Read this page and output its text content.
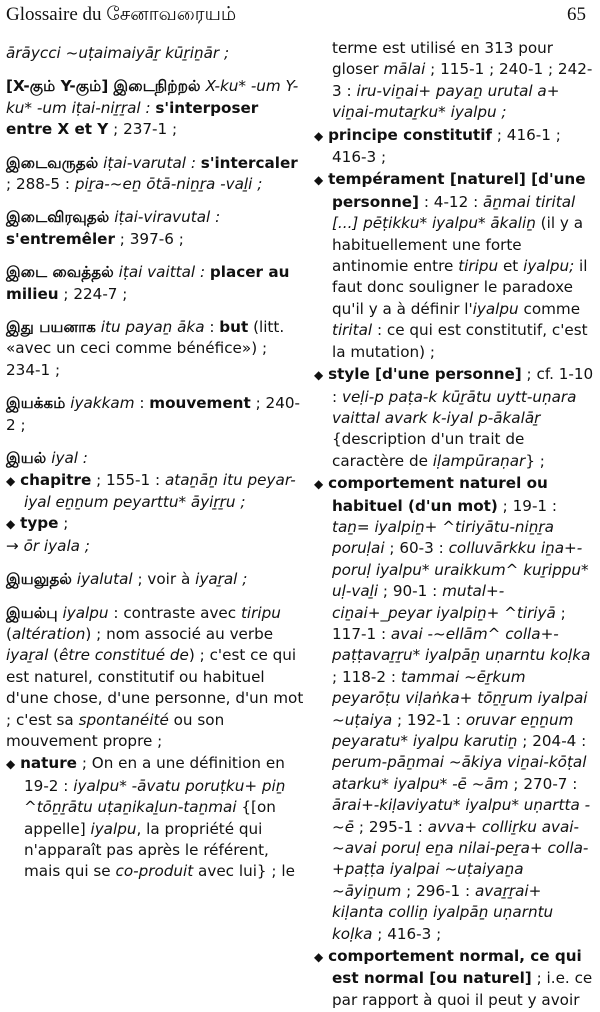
Glossaire du சேனாவரையம்	65
ārāycci ~uṭaimaiyāṟ kūṟiṉār ;
[X-கும் Y-கும்] இடைநிற்றல் X-ku* -um Y-ku* -um iṭai-niṟṟal : s'interposer entre X et Y ; 237-1 ;
இடைவருதல் iṭai-varutal : s'intercaler ; 288-5 : piṟa-~eṉ ōtā-niṉṟa -vaḻi ;
இடைவிரவுதல் iṭai-viravutal : s'entremêler ; 397-6 ;
இடை வைத்தல் iṭai vaittal : placer au milieu ; 224-7 ;
இது பயனாக itu payaṉ āka : but (litt. «avec un ceci comme bénéfice») ; 234-1 ;
இயக்கம் iyakkam : mouvement ; 240-2 ;
இயல் iyal :
◆ chapitre ; 155-1 : ataṉāṉ itu peyar-iyal eṉṉum peyarttu* āyiṟṟu ;
◆ type ;
→ ōr iyala ;
இயலுதல் iyalutal ; voir à iyaṟal ;
இயல்பு iyalpu : contraste avec tiripu (altération) ; nom associé au verbe iyaṟal (être constitué de) ; c'est ce qui est naturel, constitutif ou habituel d'une chose, d'une personne, d'un mot ; c'est sa spontanéité ou son mouvement propre ;
◆ nature ; On en a une définition en 19-2 : iyalpu* -āvatu poruṭku+ piṉ ^tōṉṟātu uṭaṉikaḻun-taṉmai {[on appelle] iyalpu, la propriété qui n'apparaît pas après le référent, mais qui se co-produit avec lui} ; le
terme est utilisé en 313 pour gloser mālai ; 115-1 ; 240-1 ; 242-3 : iru-viṉai+ payaṉ urutal a+ viṉai-mutaṟku* iyalpu ;
◆ principe constitutif ; 416-1 ; 416-3 ;
◆ tempérament [naturel] [d'une personne] : 4-12 : āṉmai tirital [...] pēṭikku* iyalpu* ākaliṉ (il y a habituellement une forte antinomie entre tiripu et iyalpu; il faut donc souligner le paradoxe qu'il y a à définir l'iyalpu comme tirital : ce qui est constitutif, c'est la mutation) ;
◆ style [d'une personne] ; cf. 1-10 : veḷi-p paṭa-k kūṟātu uytt-uṇara vaittal avark k-iyal p-ākalāṟ {description d'un trait de caractère de iḷampūraṇar} ;
◆ comportement naturel ou habituel (d'un mot) ; 19-1 : taṉ= iyalpiṉ+ ^tiriyātu-niṉṟa poruḷai ; 60-3 : colluvārkku iṉa+-poruḷ iyalpu* uraikkum^ kuṟippu* uḷ-vaḻi ; 90-1 : mutal+-ciṉai+_peyar iyalpiṉ+ ^tiriyā ; 117-1 : avai -~ellām^ colla+-paṭṭavaṟṟu* iyalpāṉ uṇarntu koḷka ; 118-2 : tammai ~ēṟkum peyarōṭu viḷaṅka+ tōṉṟum iyalpai ~uṭaiya ; 192-1 : oruvar eṉṉum peyaratu* iyalpu karutiṉ ; 204-4 : perum-pāṉmai ~ākiya viṉai-kōṭal atarku* iyalpu* -ē ~ām ; 270-7 : ārai+-kiḷaviyatu* iyalpu* uṇartta -~ē ; 295-1 : avva+ colliṟku avai-~avai poruḷ eṉa nilai-peṟa+ colla-+paṭṭa iyalpai ~uṭaiyaṉa ~āyiṉum ; 296-1 : avaṟṟai+ kiḷanta colliṉ iyalpāṉ uṇarntu koḷka ; 416-3 ;
◆ comportement normal, ce qui est normal [ou naturel] ; i.e. ce par rapport à quoi il peut y avoir
